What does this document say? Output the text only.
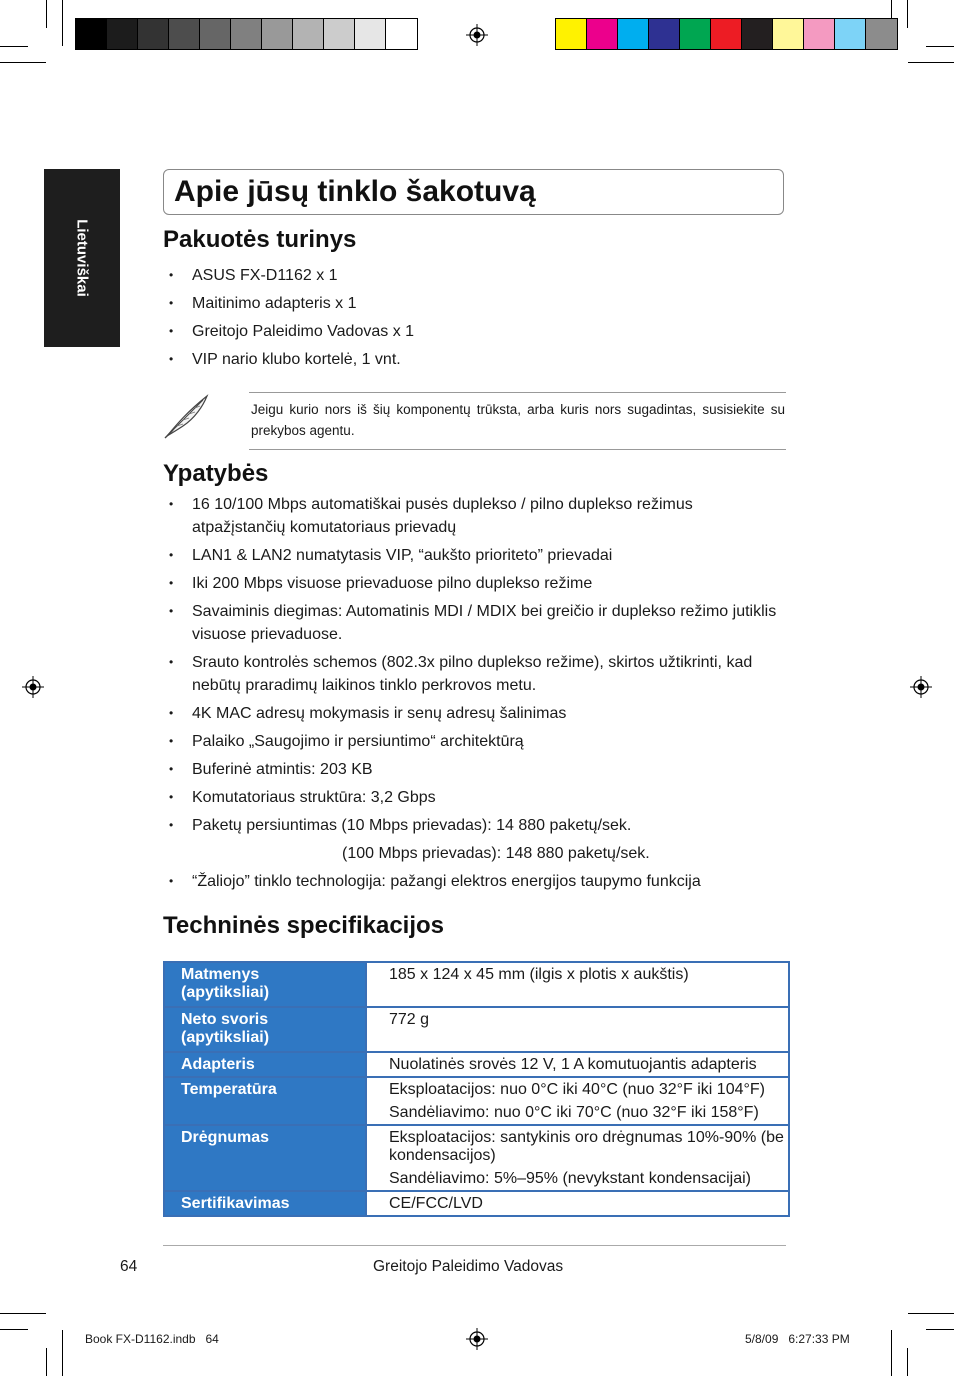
Lietuviškai
Apie jūsų tinklo šakotuvą
Pakuotės turinys
• ASUS FX-D1162 x 1
• Maitinimo adapteris x 1
• Greitojo Paleidimo Vadovas x 1
• VIP nario klubo kortelė, 1 vnt.
Jeigu kurio nors iš šių komponentų trūksta, arba kuris nors sugadintas, susisiekite su prekybos agentu.
Ypatybės
• 16 10/100 Mbps automatiškai pusės duplekso / pilno duplekso režimus atpažįstančių komutatoriaus prievadų
• LAN1 & LAN2 numatytasis VIP, “aukšto prioriteto” prievadai
• Iki 200 Mbps visuose prievaduose pilno duplekso režime
• Savaiminis diegimas: Automatinis MDI / MDIX bei greičio ir duplekso režimo jutiklis visuose prievaduose.
• Srauto kontrolės schemos (802.3x pilno duplekso režime), skirtos užtikrinti, kad nebūtų praradimų laikinos tinklo perkrovos metu.
• 4K MAC adresų mokymasis ir senų adresų šalinimas
• Palaiko „Saugojimo ir persiuntimo“ architektūrą
• Buferinė atmintis: 203 KB
• Komutatoriaus struktūra: 3,2 Gbps
• Paketų persiuntimas (10 Mbps prievadas): 14 880 paketų/sek.
(100 Mbps prievadas): 148 880 paketų/sek.
• “Žaliojo” tinklo technologija: pažangi elektros energijos taupymo funkcija
Techninės specifikacijos
Matmenys (apytiksliai)	185 x 124 x 45 mm (ilgis x plotis x aukštis)

Neto svoris (apytiksliai)	772 g

Adapteris	Nuolatinės srovės 12 V, 1 A komutuojantis adapteris

Temperatūra	Eksploatacijos: nuo 0°C iki 40°C (nuo 32°F iki 104°F)
Sandėliavimo: nuo 0°C iki 70°C (nuo 32°F iki 158°F)

Drėgnumas	Eksploatacijos: santykinis oro drėgnumas 10%-90% (be kondensacijos)
Sandėliavimo: 5%–95% (nevykstant kondensacijai)

Sertifikavimas	CE/FCC/LVD
64	Greitojo Paleidimo Vadovas
Book FX-D1162.indb   64	5/8/09   6:27:33 PM
